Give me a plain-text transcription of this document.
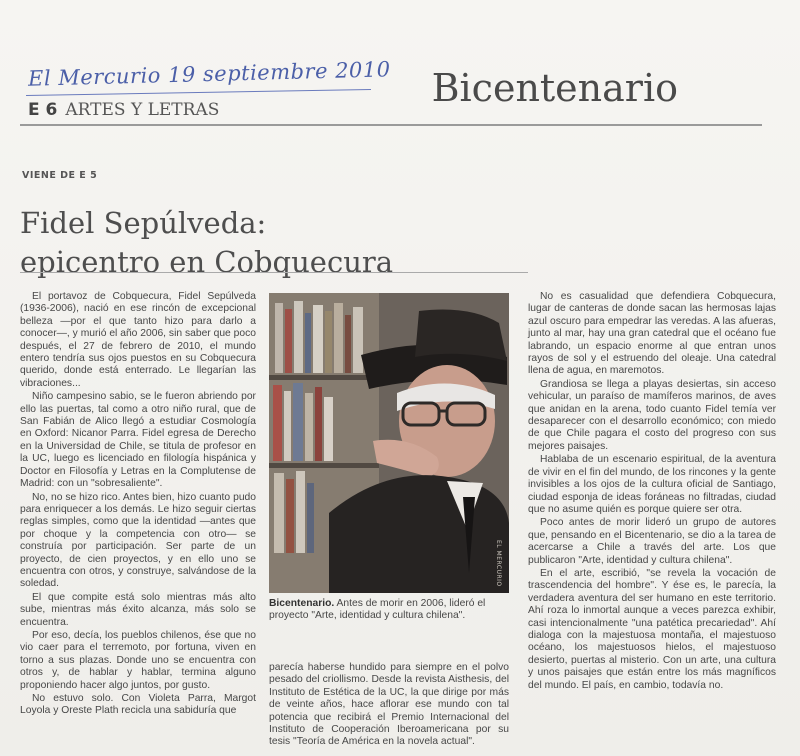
El Mercurio 19 septiembre 2010
E 6 ARTES Y LETRAS	Bicentenario
VIENE DE E 5
Fidel Sepúlveda:
epicentro en Cobquecura

El portavoz de Cobquecura, Fidel Sepúlveda (1936-2006), nació en ese rincón de excepcional belleza —por el que tanto hizo para darlo a conocer—, y murió el año 2006, sin saber que poco después, el 27 de febrero de 2010, el mundo entero tendría sus ojos puestos en su Cobquecura querido, donde está enterrado. Le llegarían las vibraciones...

Niño campesino sabio, se le fueron abriendo por ello las puertas, tal como a otro niño rural, que de San Fabián de Alico llegó a estudiar Cosmología en Oxford: Nicanor Parra. Fidel egresa de Derecho en la Universidad de Chile, se titula de profesor en la UC, luego es licenciado en filología hispánica y Doctor en Filosofía y Letras en la Complutense de Madrid: con un "sobresaliente".

No, no se hizo rico. Antes bien, hizo cuanto pudo para enriquecer a los demás. Le hizo seguir ciertas reglas simples, como que la identidad —antes que por choque y la competencia con otro— se construía por participación. Ser parte de un proyecto, de cien proyectos, y en ello uno se encuentra con otros, y construye, salvándose de la soledad.

El que compite está solo mientras más alto sube, mientras más éxito alcanza, más solo se encuentra.

Por eso, decía, los pueblos chilenos, ése que no vio caer para el terremoto, por fortuna, viven en torno a sus plazas. Donde uno se encuentra con otros y, de hablar y hablar, termina alguno proponiendo hacer algo juntos, por gusto.

No estuvo solo. Con Violeta Parra, Margot Loyola y Oreste Plath recicla una sabiduría que

EL MERCURIO
Bicentenario. Antes de morir en 2006, lideró el proyecto "Arte, identidad y cultura chilena".

parecía haberse hundido para siempre en el polvo pesado del criollismo. Desde la revista Aisthesis, del Instituto de Estética de la UC, la que dirige por más de veinte años, hace aflorar ese mundo con tal potencia que recibirá el Premio Internacional del Instituto de Cooperación Iberoamericana por su tesis "Teoría de América en la novela actual".

No es casualidad que defendiera Cobquecura, lugar de canteras de donde sacan las hermosas lajas azul oscuro para empedrar las veredas. A las afueras, junto al mar, hay una gran catedral que el océano fue labrando, un espacio enorme al que entran unos rayos de sol y el estruendo del oleaje. Una catedral llena de agua, en maremotos.

Grandiosa se llega a playas desiertas, sin acceso vehicular, un paraíso de mamíferos marinos, de aves que anidan en la arena, todo cuanto Fidel temía ver desaparecer con el desarrollo económico; con miedo de que Chile pagara el costo del progreso con sus mejores paisajes.

Hablaba de un escenario espiritual, de la aventura de vivir en el fin del mundo, de los rincones y la gente invisibles a los ojos de la cultura oficial de Santiago, ciudad esponja de ideas foráneas no filtradas, ciudad que no asume quién es porque quiere ser otra.

Poco antes de morir lideró un grupo de autores que, pensando en el Bicentenario, se dio a la tarea de acercarse a Chile a través del arte. Los que publicaron "Arte, identidad y cultura chilena".

En el arte, escribió, "se revela la vocación de trascendencia del hombre". Y ése es, le parecía, la verdadera aventura del ser humano en este territorio. Ahí roza lo inmortal aunque a veces parezca exhibir, casi intencionalmente "una patética precariedad". Ahí dialoga con la majestuosa montaña, el majestuoso océano, los majestuosos hielos, el majestuoso desierto, puertas al misterio. Con un arte, una cultura y unos paisajes que están entre los más magníficos del mundo. El país, en cambio, todavía no.
